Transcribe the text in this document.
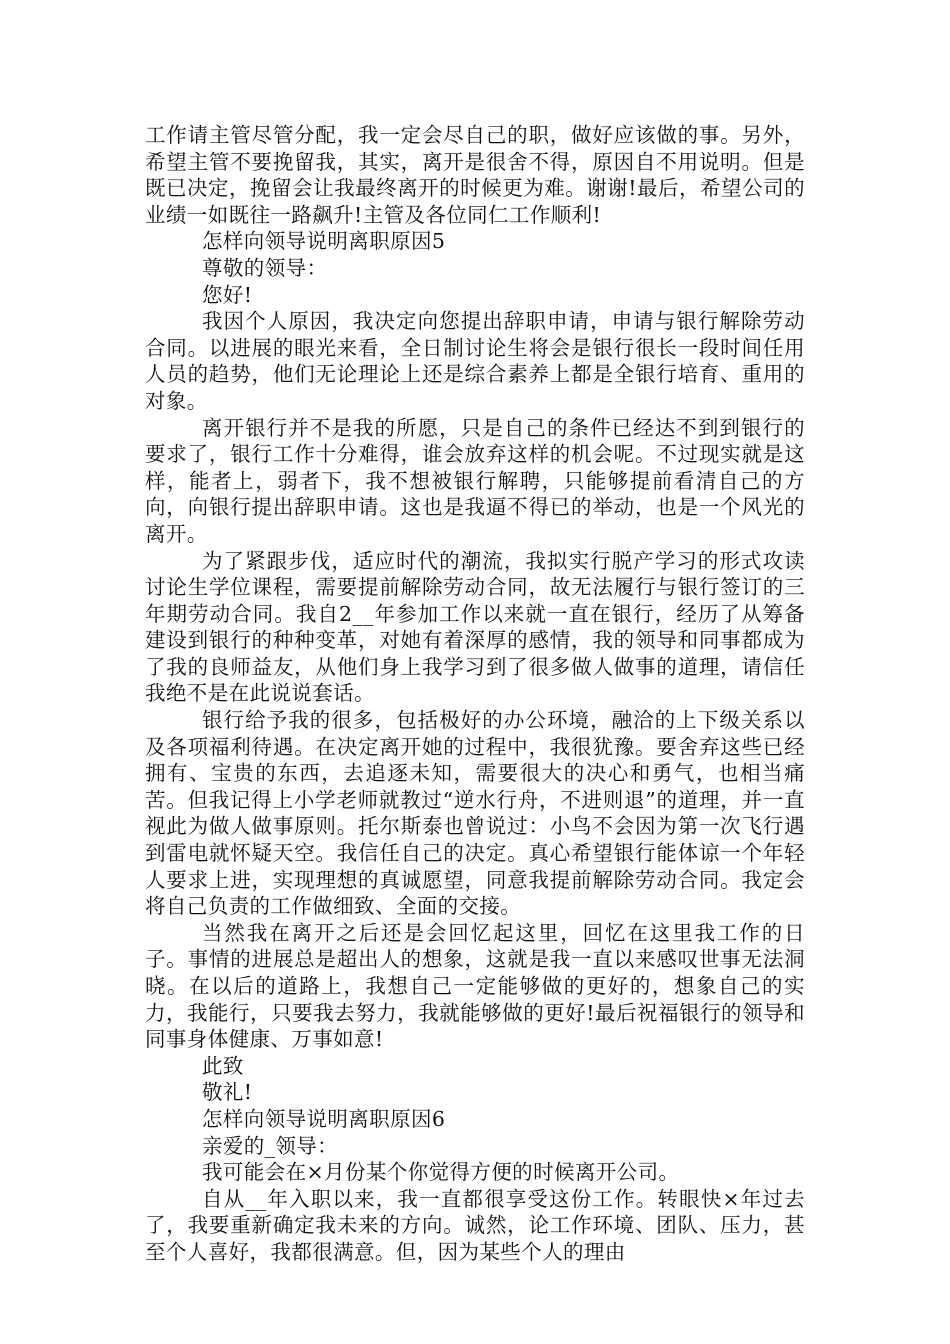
工作请主管尽管分配，我一定会尽自己的职，做好应该做的事。另外，希望主管不要挽留我，其实，离开是很舍不得，原因自不用说明。但是既已决定，挽留会让我最终离开的时候更为难。谢谢!最后，希望公司的业绩一如既往一路飙升!主管及各位同仁工作顺利!

怎样向领导说明离职原因5

尊敬的领导：

您好!

我因个人原因，我决定向您提出辞职申请，申请与银行解除劳动合同。以进展的眼光来看，全日制讨论生将会是银行很长一段时间任用人员的趋势，他们无论理论上还是综合素养上都是全银行培育、重用的对象。

离开银行并不是我的所愿，只是自己的条件已经达不到到银行的要求了，银行工作十分难得，谁会放弃这样的机会呢。不过现实就是这样，能者上，弱者下，我不想被银行解聘，只能够提前看清自己的方向，向银行提出辞职申请。这也是我逼不得已的举动，也是一个风光的离开。

为了紧跟步伐，适应时代的潮流，我拟实行脱产学习的形式攻读讨论生学位课程，需要提前解除劳动合同，故无法履行与银行签订的三年期劳动合同。我自2__年参加工作以来就一直在银行，经历了从筹备建设到银行的种种变革，对她有着深厚的感情，我的领导和同事都成为了我的良师益友，从他们身上我学习到了很多做人做事的道理，请信任我绝不是在此说说套话。

银行给予我的很多，包括极好的办公环境，融洽的上下级关系以及各项福利待遇。在决定离开她的过程中，我很犹豫。要舍弃这些已经拥有、宝贵的东西，去追逐未知，需要很大的决心和勇气，也相当痛苦。但我记得上小学老师就教过“逆水行舟，不进则退”的道理，并一直视此为做人做事原则。托尔斯泰也曾说过：小鸟不会因为第一次飞行遇到雷电就怀疑天空。我信任自己的决定。真心希望银行能体谅一个年轻人要求上进，实现理想的真诚愿望，同意我提前解除劳动合同。我定会将自己负责的工作做细致、全面的交接。

当然我在离开之后还是会回忆起这里，回忆在这里我工作的日子。事情的进展总是超出人的想象，这就是我一直以来感叹世事无法洞晓。在以后的道路上，我想自己一定能够做的更好的，想象自己的实力，我能行，只要我去努力，我就能够做的更好!最后祝福银行的领导和同事身体健康、万事如意!

此致

敬礼!

怎样向领导说明离职原因6

亲爱的_领导：

我可能会在×月份某个你觉得方便的时候离开公司。

自从__年入职以来，我一直都很享受这份工作。转眼快×年过去了，我要重新确定我未来的方向。诚然，论工作环境、团队、压力，甚至个人喜好，我都很满意。但，因为某些个人的理由
